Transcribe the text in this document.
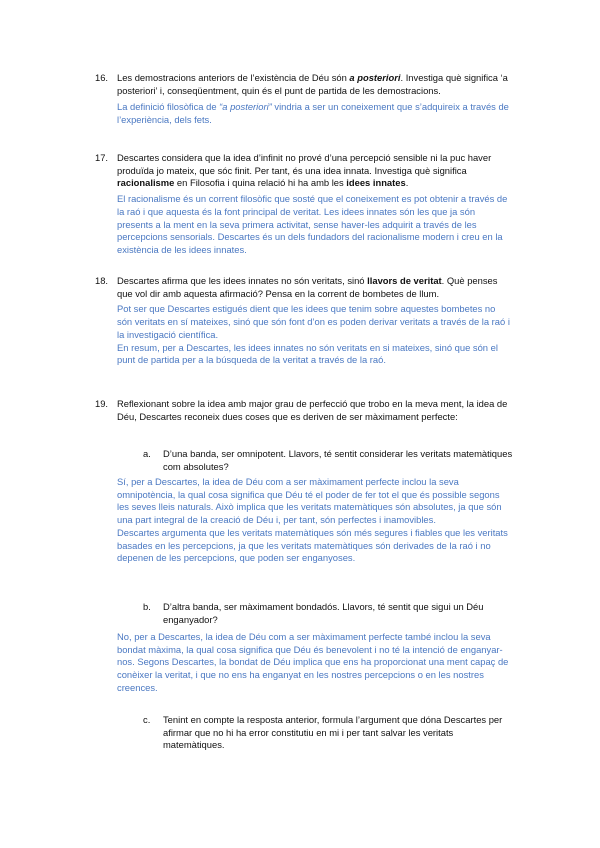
16. Les demostracions anteriors de l’existència de Déu són a posteriori. Investiga què significa ‘a posteriori’ i, conseqüentment, quin és el punt de partida de les demostracions.
La definició filosòfica de “a posteriori” vindria a ser un coneixement que s’adquireix a través de l’experiència, dels fets.
17. Descartes considera que la idea d’infinit no prové d’una percepció sensible ni la puc haver produïda jo mateix, que sóc finit. Per tant, és una idea innata. Investiga què significa racionalisme en Filosofia i quina relació hi ha amb les idees innates.
El racionalisme és un corrent filosòfic que sosté que el coneixement es pot obtenir a través de la raó i que aquesta és la font principal de veritat. Les idees innates són les que ja són presents a la ment en la seva primera activitat, sense haver-les adquirit a través de les percepcions sensorials. Descartes és un dels fundadors del racionalisme modern i creu en la existència de les idees innates.
18. Descartes afirma que les idees innates no són veritats, sinó llavors de veritat. Què penses que vol dir amb aquesta afirmació? Pensa en la corrent de bombetes de llum.
Pot ser que Descartes estigués dient que les idees que tenim sobre aquestes bombetes no són veritats en sí mateixes, sinó que són font d’on es poden derivar veritats a través de la raó i la investigació científica.
En resum, per a Descartes, les idees innates no són veritats en si mateixes, sinó que són el punt de partida per a la búsqueda de la veritat a través de la raó.
19. Reflexionant sobre la idea amb major grau de perfecció que trobo en la meva ment, la idea de Déu, Descartes reconeix dues coses que es deriven de ser màximament perfecte:
a. D’una banda, ser omnipotent. Llavors, té sentit considerar les veritats matemàtiques com absolutes?

Sí, per a Descartes, la idea de Déu com a ser màximament perfecte inclou la seva omnipotència, la qual cosa significa que Déu té el poder de fer tot el que és possible segons les seves lleis naturals. Això implica que les veritats matemàtiques són absolutes, ja que són una part integral de la creació de Déu i, per tant, són perfectes i inamovibles.

Descartes argumenta que les veritats matemàtiques són més segures i fiables que les veritats basades en les percepcions, ja que les veritats matemàtiques són derivades de la raó i no depenen de les percepcions, que poden ser enganyoses.

b. D’altra banda, ser màximament bondadós. Llavors, té sentit que sigui un Déu enganyador?
No, per a Descartes, la idea de Déu com a ser màximament perfecte també inclou la seva bondat màxima, la qual cosa significa que Déu és benevolent i no té la intenció de enganyar-nos. Segons Descartes, la bondat de Déu implica que ens ha proporcionat una ment capaç de conèixer la veritat, i que no ens ha enganyat en les nostres percepcions o en les nostres creences.
c. Tenint en compte la resposta anterior, formula l’argument que dóna Descartes per afirmar que no hi ha error constitutiu en mi i per tant salvar les veritats matemàtiques.
